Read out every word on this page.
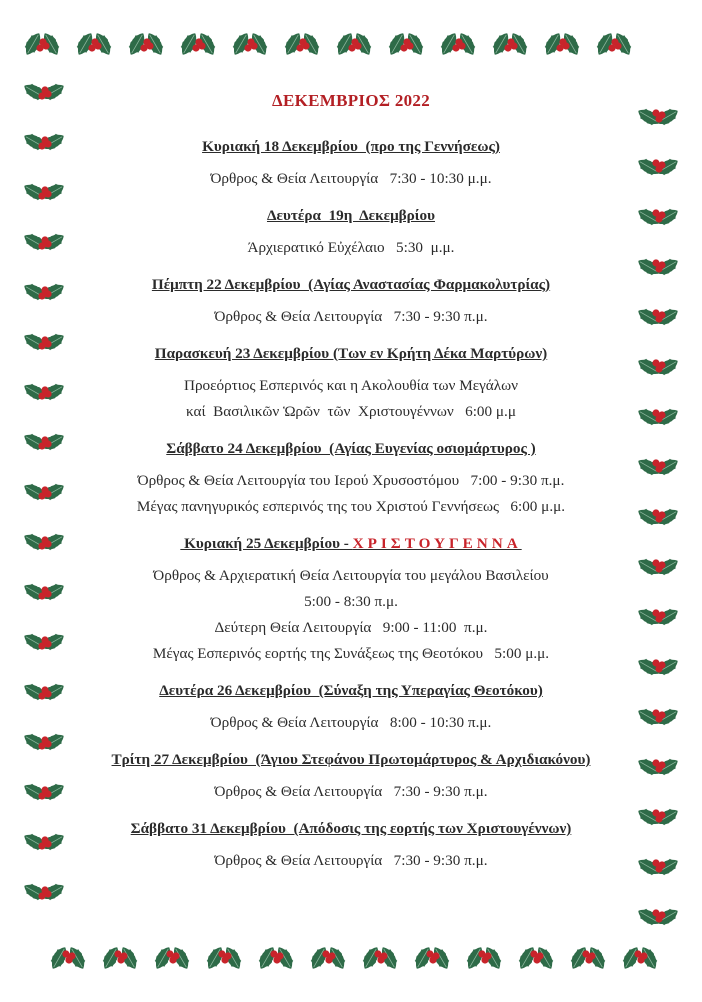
ΔΕΚΕΜΒΡΙΟΣ 2022
Κυριακή 18 Δεκεμβρίου  (προ της Γεννήσεως)
Όρθρος & Θεία Λειτουργία   7:30 - 10:30 μ.μ.
Δευτέρα  19η  Δεκεμβρίου
Άρχιερατικό Εὐχέλαιο   5:30  μ.μ.
Πέμπτη 22 Δεκεμβρίου  (Αγίας Αναστασίας Φαρμακολυτρίας)
Όρθρος & Θεία Λειτουργία   7:30 - 9:30 π.μ.
Παρασκευή 23 Δεκεμβρίου (Των εν Κρήτη Δέκα Μαρτύρων)
Προεόρτιος Εσπερινός και η Ακολουθία των Μεγάλων
καί  Βασιλικῶν Ὡρῶν  τῶν  Χριστουγέννων   6:00 μ.μ
Σάββατο 24 Δεκεμβρίου  (Αγίας Ευγενίας οσιομάρτυρος )
Όρθρος & Θεία Λειτουργία του Ιερού Χρυσοστόμου   7:00 - 9:30 π.μ.
Μέγας πανηγυρικός εσπερινός της του Χριστού Γεννήσεως   6:00 μ.μ.
Κυριακή 25 Δεκεμβρίου - ΧΡΙΣΤΟΥΓΕΝΝΑ
Όρθρος & Αρχιερατική Θεία Λειτουργία του μεγάλου Βασιλείου
5:00 - 8:30 π.μ.
Δεύτερη Θεία Λειτουργία   9:00 - 11:00  π.μ.
Μέγας Εσπερινός εορτής της Συνάξεως της Θεοτόκου   5:00 μ.μ.
Δευτέρα 26 Δεκεμβρίου  (Σύναξη της Υπεραγίας Θεοτόκου)
Όρθρος & Θεία Λειτουργία   8:00 - 10:30 π.μ.
Τρίτη 27 Δεκεμβρίου  (Άγιου Στεφάνου Πρωτομάρτυρος & Αρχιδιακόνου)
Όρθρος & Θεία Λειτουργία   7:30 - 9:30 π.μ.
Σάββατο 31 Δεκεμβρίου  (Απόδοσις της εορτής των Χριστουγέννων)
Όρθρος & Θεία Λειτουργία   7:30 - 9:30 π.μ.
